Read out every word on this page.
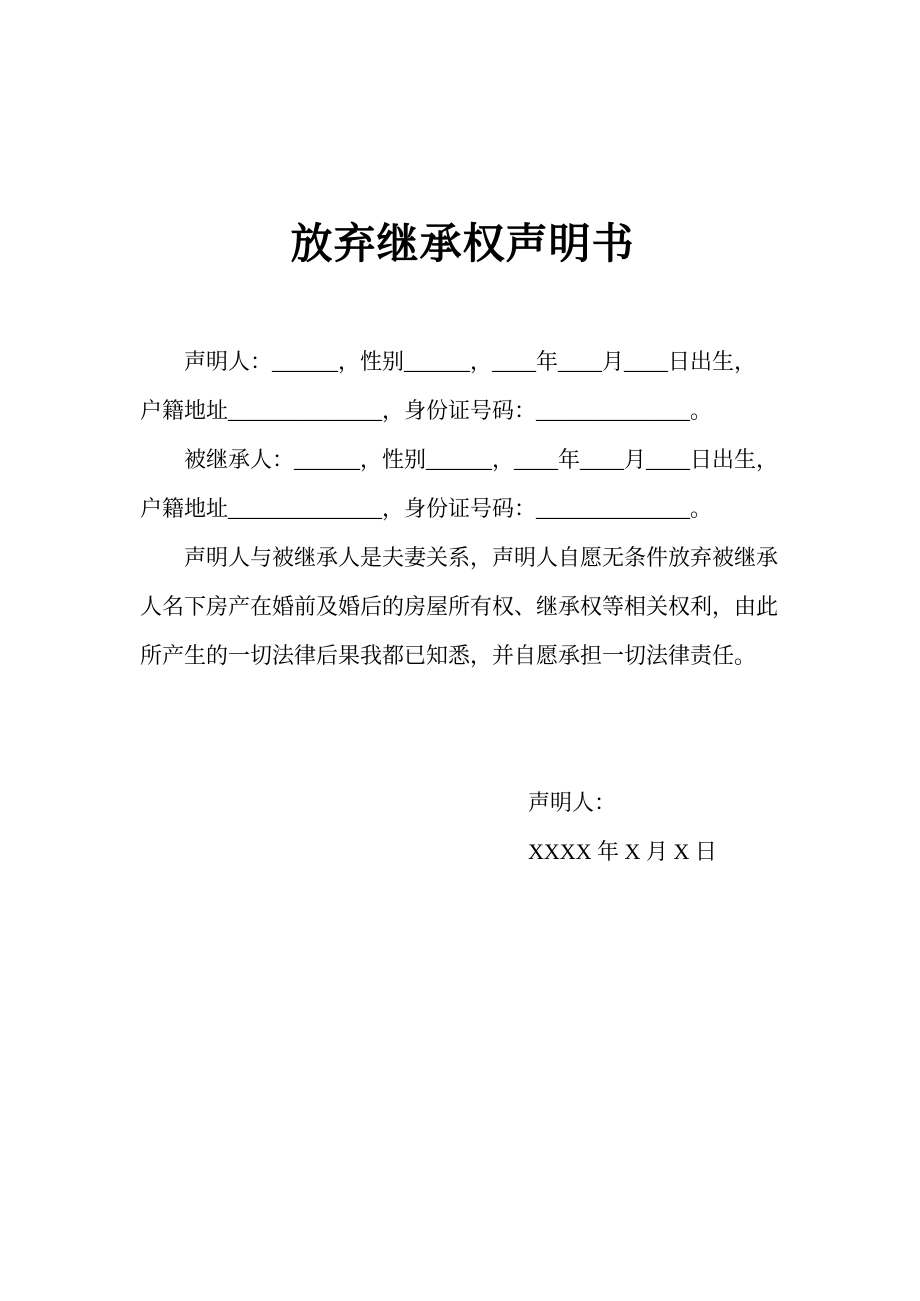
放弃继承权声明书
声明人：______，性别______，____年____月____日出生，
户籍地址______________，身份证号码：______________。
被继承人：______，性别______，____年____月____日出生，
户籍地址______________，身份证号码：______________。
声明人与被继承人是夫妻关系，声明人自愿无条件放弃被继承
人名下房产在婚前及婚后的房屋所有权、继承权等相关权利，由此
所产生的一切法律后果我都已知悉，并自愿承担一切法律责任。
声明人：
XXXX 年 X 月 X 日
